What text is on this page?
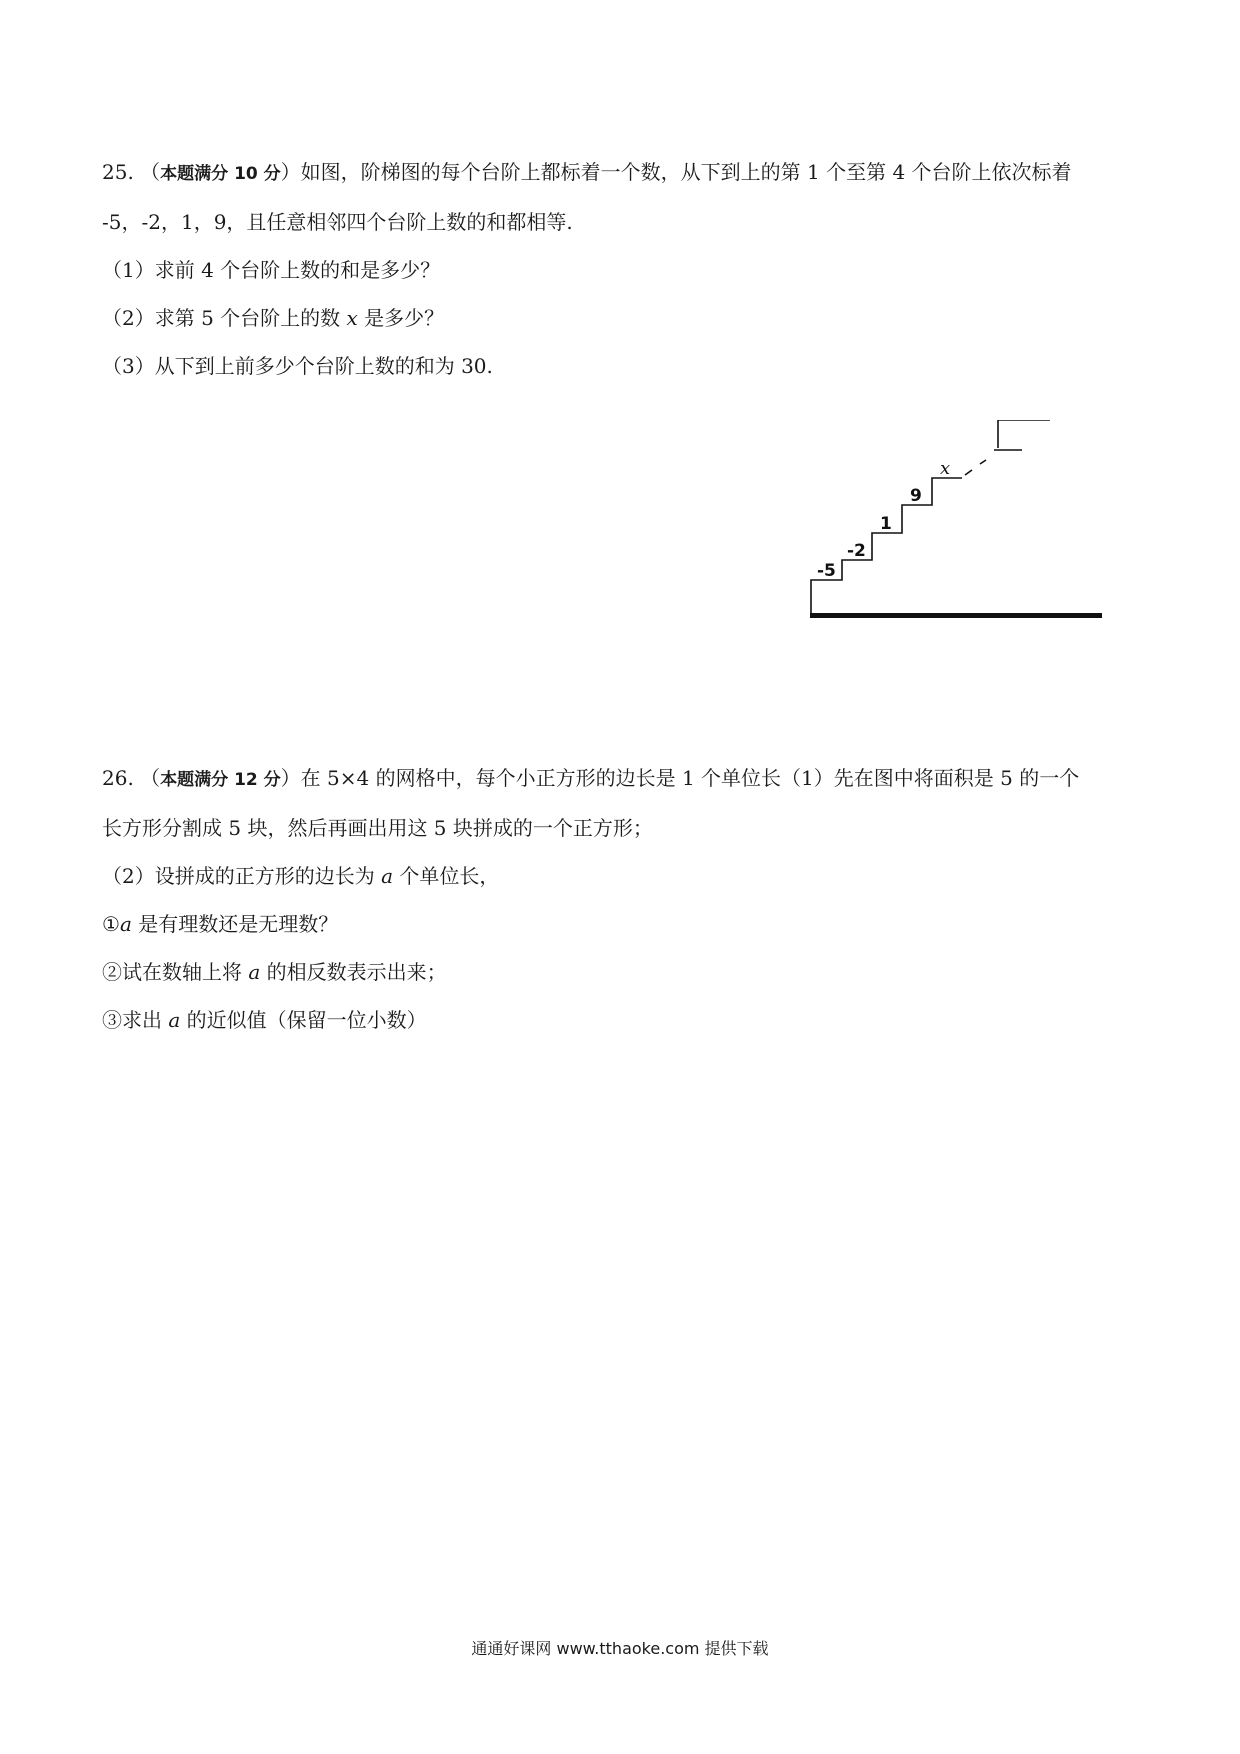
25. （本题满分 10 分）如图，阶梯图的每个台阶上都标着一个数，从下到上的第 1 个至第 4 个台阶上依次标着
-5，-2，1，9，且任意相邻四个台阶上数的和都相等.
（1）求前 4 个台阶上数的和是多少？
（2）求第 5 个台阶上的数 x 是多少？
（3）从下到上前多少个台阶上数的和为 30.
-5
-2
1
9
x
26. （本题满分 12 分）在 5×4 的网格中，每个小正方形的边长是 1 个单位长（1）先在图中将面积是 5 的一个
长方形分割成 5 块，然后再画出用这 5 块拼成的一个正方形；
（2）设拼成的正方形的边长为 a 个单位长，
①a 是有理数还是无理数？
②试在数轴上将 a 的相反数表示出来；
③求出 a 的近似值（保留一位小数）
通通好课网 www.tthaoke.com 提供下载
